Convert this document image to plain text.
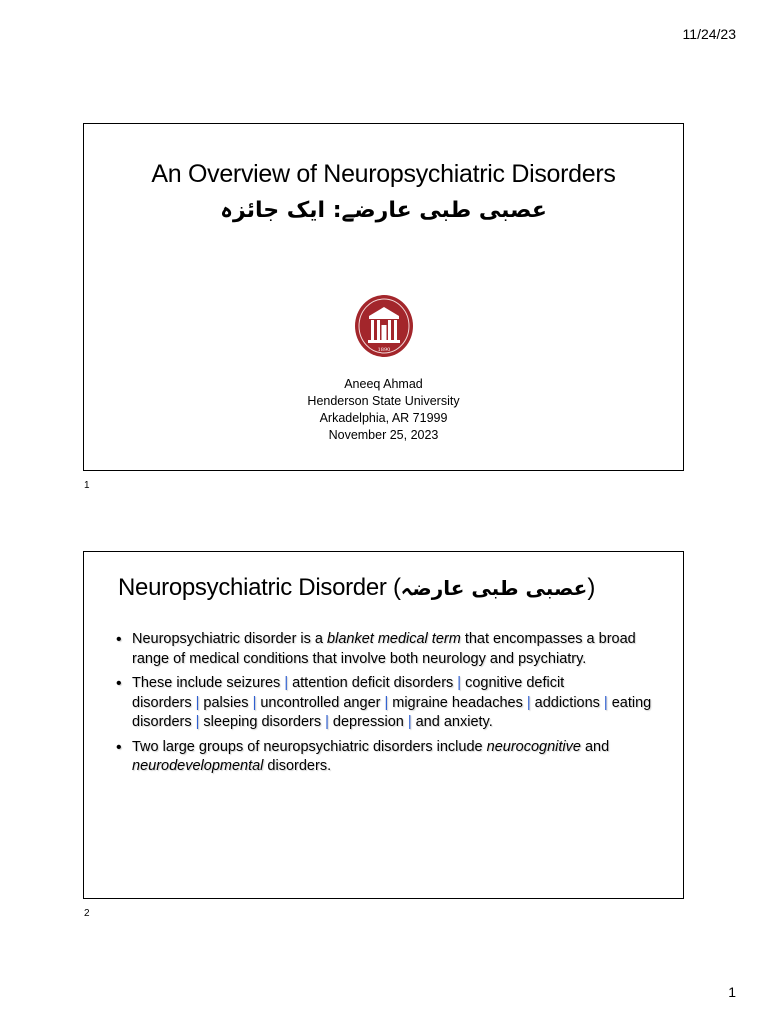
11/24/23
An Overview of Neuropsychiatric Disorders
عصبی طبی عارضے: ایک جائزہ
1890
Aneeq Ahmad
Henderson State University
Arkadelphia, AR 71999
November 25, 2023
1
Neuropsychiatric Disorder (عصبی طبی عارضہ)
• Neuropsychiatric disorder is a blanket medical term that encompasses a broad range of medical conditions that involve both neurology and psychiatry.
• These include seizures | attention deficit disorders | cognitive deficit disorders | palsies | uncontrolled anger | migraine headaches | addictions | eating disorders | sleeping disorders | depression | and anxiety.
• Two large groups of neuropsychiatric disorders include neurocognitive and neurodevelopmental disorders.
2
1
